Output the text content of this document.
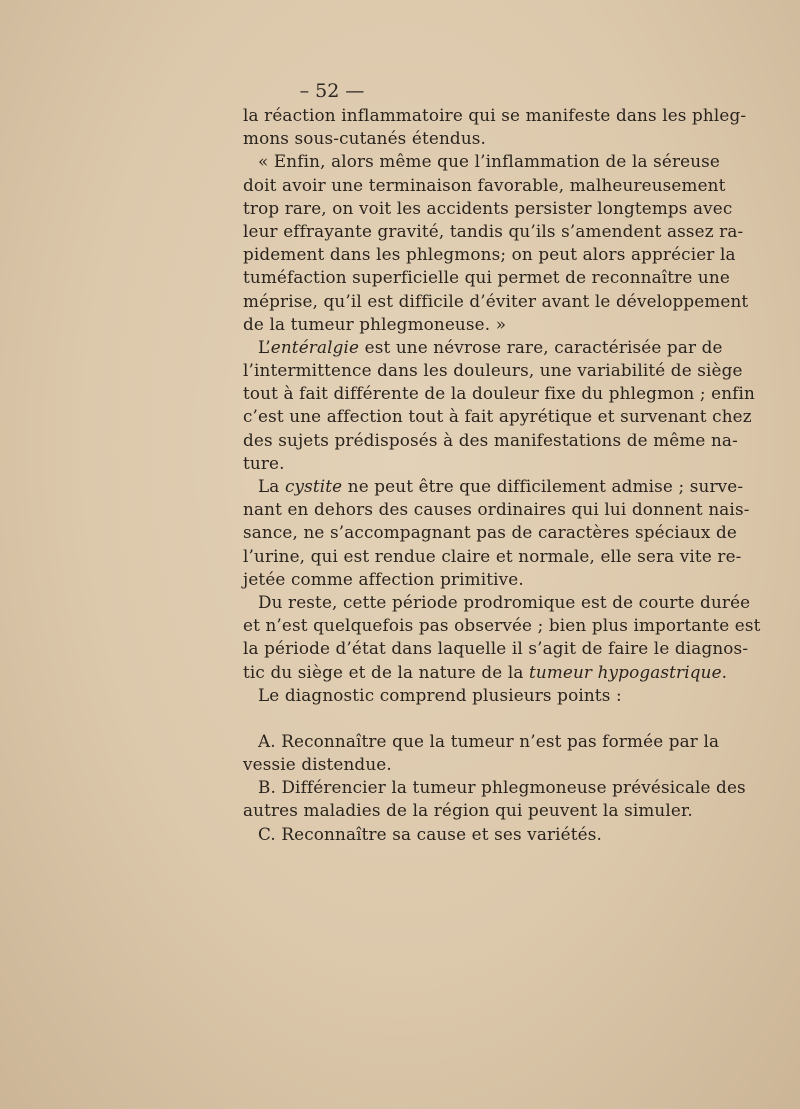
– 52 —
la réaction inflammatoire qui se manifeste dans les phleg-
mons sous-cutanés étendus.
« Enfin, alors même que l’inflammation de la séreuse
doit avoir une terminaison favorable, malheureusement
trop rare, on voit les accidents persister longtemps avec
leur effrayante gravité, tandis qu’ils s’amendent assez ra-
pidement dans les phlegmons; on peut alors apprécier la
tuméfaction superficielle qui permet de reconnaître une
méprise, qu’il est difficile d’éviter avant le développement
de la tumeur phlegmoneuse. »
L’entéralgie est une névrose rare, caractérisée par de
l’intermittence dans les douleurs, une variabilité de siège
tout à fait différente de la douleur fixe du phlegmon ; enfin
c’est une affection tout à fait apyrétique et survenant chez
des sujets prédisposés à des manifestations de même na-
ture.
La cystite ne peut être que difficilement admise ; surve-
nant en dehors des causes ordinaires qui lui donnent nais-
sance, ne s’accompagnant pas de caractères spéciaux de
l’urine, qui est rendue claire et normale, elle sera vite re-
jetée comme affection primitive.
Du reste, cette période prodromique est de courte durée
et n’est quelquefois pas observée ; bien plus importante est
la période d’état dans laquelle il s’agit de faire le diagnos-
tic du siège et de la nature de la tumeur hypogastrique.
Le diagnostic comprend plusieurs points :
A. Reconnaître que la tumeur n’est pas formée par la
vessie distendue.
B. Différencier la tumeur phlegmoneuse prévésicale des
autres maladies de la région qui peuvent la simuler.
C. Reconnaître sa cause et ses variétés.
